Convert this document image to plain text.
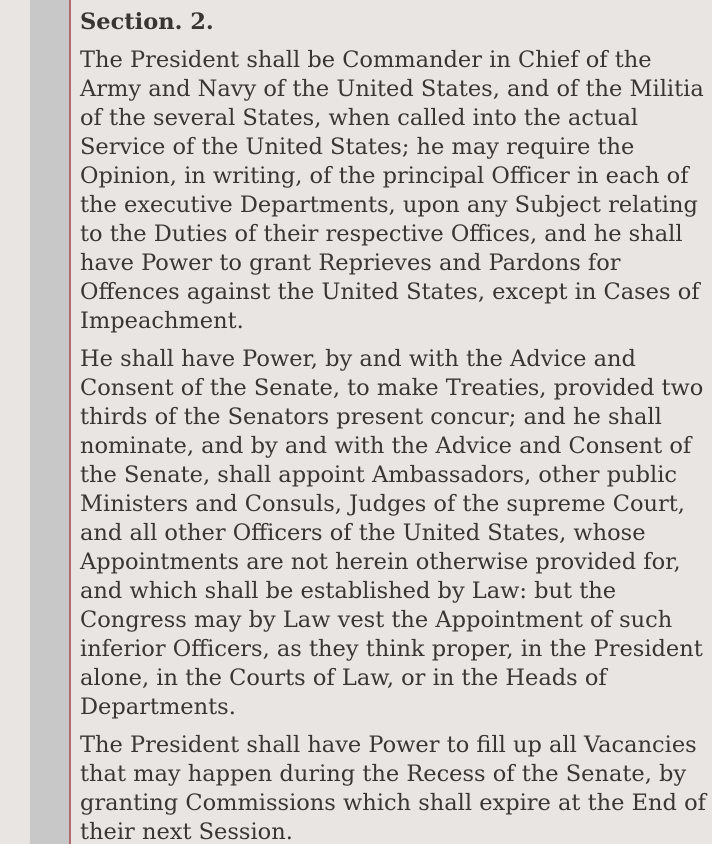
Section. 2.
The President shall be Commander in Chief of the
Army and Navy of the United States, and of the Militia
of the several States, when called into the actual
Service of the United States; he may require the
Opinion, in writing, of the principal Officer in each of
the executive Departments, upon any Subject relating
to the Duties of their respective Offices, and he shall
have Power to grant Reprieves and Pardons for
Offences against the United States, except in Cases of
Impeachment.
He shall have Power, by and with the Advice and
Consent of the Senate, to make Treaties, provided two
thirds of the Senators present concur; and he shall
nominate, and by and with the Advice and Consent of
the Senate, shall appoint Ambassadors, other public
Ministers and Consuls, Judges of the supreme Court,
and all other Officers of the United States, whose
Appointments are not herein otherwise provided for,
and which shall be established by Law: but the
Congress may by Law vest the Appointment of such
inferior Officers, as they think proper, in the President
alone, in the Courts of Law, or in the Heads of
Departments.
The President shall have Power to fill up all Vacancies
that may happen during the Recess of the Senate, by
granting Commissions which shall expire at the End of
their next Session.
